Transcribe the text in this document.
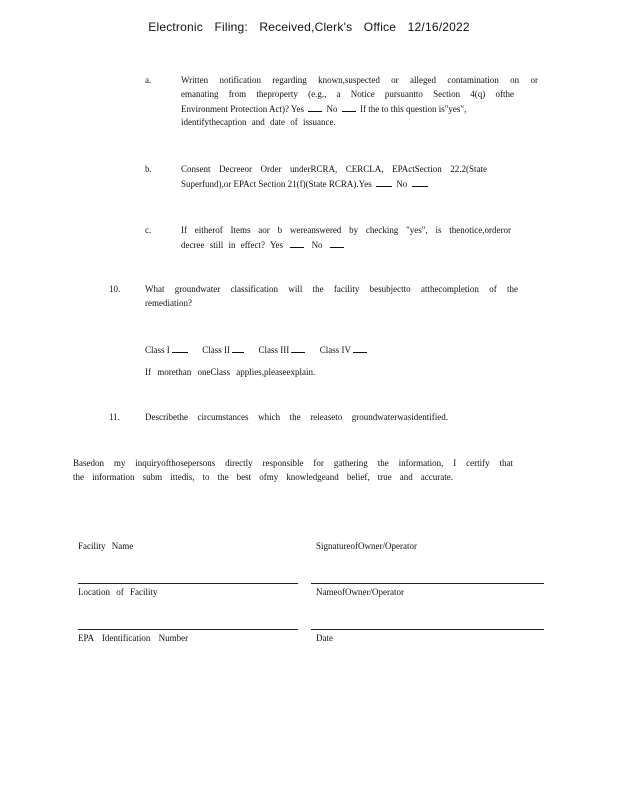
Electronic Filing: Received,Clerk's Office 12/16/2022
a.	Written notification regarding known,suspected or alleged contamination on or
emanating from theproperty (e.g., a Notice pursuantto Section 4(q) ofthe
Environment Protection Act)? Yes	No	If the to this question is"yes",
identifythecaption and date of issuance.
b.	Consent Decreeor Order underRCRA, CERCLA, EPActSection 22.2(State
Superfund),or EPAct Section 21(f)(State RCRA).Yes	No
c.	If eitherof Items aor b wereanswered by checking "yes", is thenotice,orderor
decree still in effect? Yes	No
10.	What groundwater classification will the facility besubjectto atthecompletion of the
remediation?
Class I	Class II	Class III	Class IV
If morethan oneClass applies,pleaseexplain.
11.	Describethe circumstances which the releaseto groundwaterwasidentified.
Basedon my inquiryofthosepersons directly responsible for gathering the information, I certify that
the information subm ittedis, to the best ofmy knowledgeand belief, true and accurate.
Facility Name	SignatureofOwner/Operator
Location of Facility	NameofOwner/Operator
EPA Identification Number	Date
